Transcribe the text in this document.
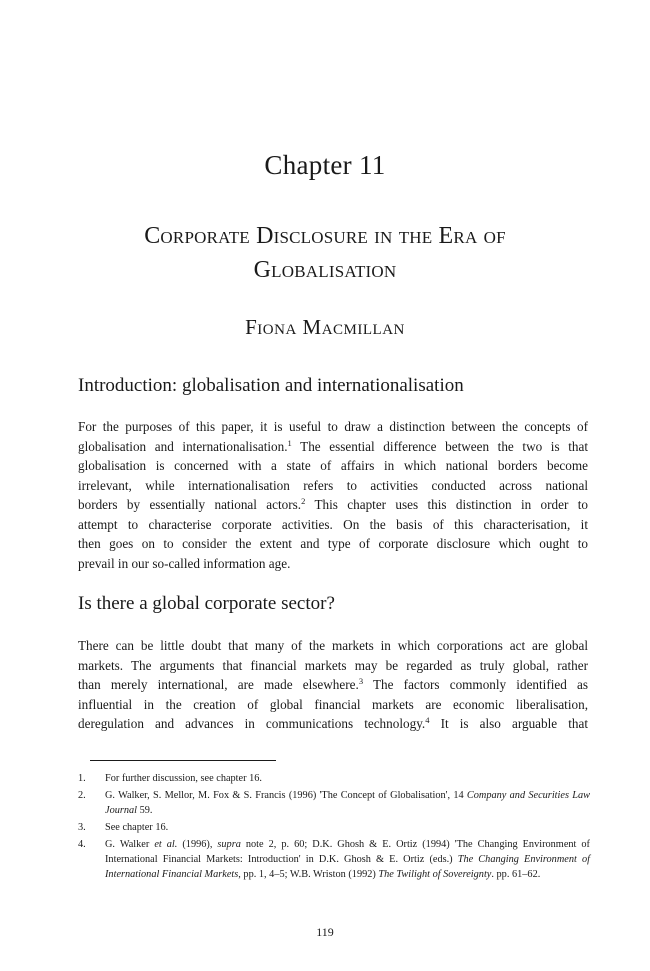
Chapter 11
Corporate Disclosure in the Era of
Globalisation
Fiona Macmillan
Introduction: globalisation and internationalisation
For the purposes of this paper, it is useful to draw a distinction between the concepts of
globalisation and internationalisation.$^1$ The essential difference between the two is that
globalisation is concerned with a state of affairs in which national borders become
irrelevant, while internationalisation refers to activities conducted across national
borders by essentially national actors.$^2$ This chapter uses this distinction in order to
attempt to characterise corporate activities. On the basis of this characterisation, it
then goes on to consider the extent and type of corporate disclosure which ought to
prevail in our so-called information age.
Is there a global corporate sector?
There can be little doubt that many of the markets in which corporations act are global
markets. The arguments that financial markets may be regarded as truly global, rather
than merely international, are made elsewhere.$^3$ The factors commonly identified as
influential in the creation of global financial markets are economic liberalisation,
deregulation and advances in communications technology.$^4$ It is also arguable that
1. For further discussion, see chapter 16.
2. G. Walker, S. Mellor, M. Fox & S. Francis (1996) 'The Concept of Globalisation', 14 Company and Securities Law Journal 59.
3. See chapter 16.
4. G. Walker et al. (1996), supra note 2, p. 60; D.K. Ghosh & E. Ortiz (1994) 'The Changing Environment of International Financial Markets: Introduction' in D.K. Ghosh & E. Ortiz (eds.) The Changing Environment of International Financial Markets, pp. 1, 4–5; W.B. Wriston (1992) The Twilight of Sovereignty. pp. 61–62.
119
